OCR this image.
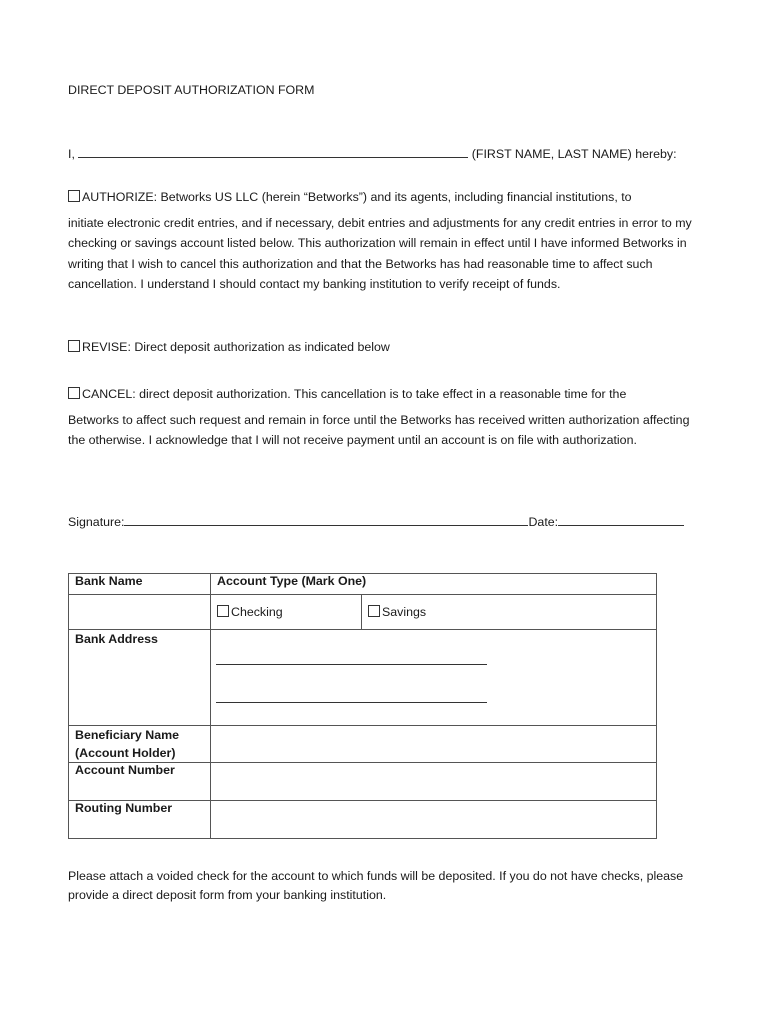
DIRECT DEPOSIT AUTHORIZATION FORM
I,	(FIRST NAME, LAST NAME) hereby:
AUTHORIZE: Betworks US LLC (herein “Betworks”) and its agents, including financial institutions, to
initiate electronic credit entries, and if necessary, debit entries and adjustments for any credit entries in error to my checking or savings account listed below. This authorization will remain in effect until I have informed Betworks in writing that I wish to cancel this authorization and that the Betworks has had reasonable time to affect such cancellation. I understand I should contact my banking institution to verify receipt of funds.
REVISE: Direct deposit authorization as indicated below
CANCEL: direct deposit authorization. This cancellation is to take effect in a reasonable time for the
Betworks to affect such request and remain in force until the Betworks has received written authorization affecting the otherwise. I acknowledge that I will not receive payment until an account is on file with authorization.
Signature:	Date:
Bank Name	Account Type (Mark One)	
	Checking	Savings
Bank Address		

Beneficiary Name
(Account Holder)		

Account Number		
Routing Number		
Please attach a voided check for the account to which funds will be deposited. If you do not have checks, please provide a direct deposit form from your banking institution.
